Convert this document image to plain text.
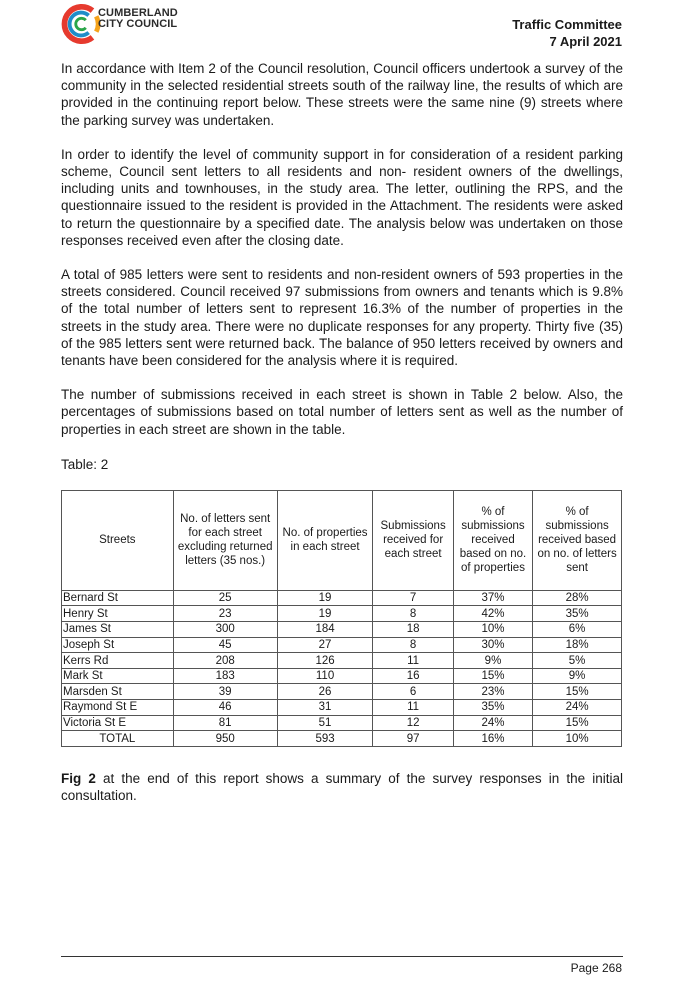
CUMBERLAND
CITY COUNCIL	Traffic Committee
7 April 2021

In accordance with Item 2 of the Council resolution, Council officers undertook a survey of the community in the selected residential streets south of the railway line, the results of which are provided in the continuing report below. These streets were the same nine (9) streets where the parking survey was undertaken.

In order to identify the level of community support in for consideration of a resident parking scheme, Council sent letters to all residents and non- resident owners of the dwellings, including units and townhouses, in the study area. The letter, outlining the RPS, and the questionnaire issued to the resident is provided in the Attachment. The residents were asked to return the questionnaire by a specified date. The analysis below was undertaken on those responses received even after the closing date.

A total of 985 letters were sent to residents and non-resident owners of 593 properties in the streets considered. Council received 97 submissions from owners and tenants which is 9.8% of the total number of letters sent to represent 16.3% of the number of properties in the streets in the study area. There were no duplicate responses for any property. Thirty five (35) of the 985 letters sent were returned back. The balance of 950 letters received by owners and tenants have been considered for the analysis where it is required.

The number of submissions received in each street is shown in Table 2 below. Also, the percentages of submissions based on total number of letters sent as well as the number of properties in each street are shown in the table.

Table: 2
Streets	No. of letters sent for each street excluding returned letters (35 nos.)	No. of properties in each street	Submissions received for each street	% of submissions received based on no. of properties	% of submissions received based on no. of letters sent
Bernard St	25	19	7	37%	28%
Henry St	23	19	8	42%	35%
James St	300	184	18	10%	6%
Joseph St	45	27	8	30%	18%
Kerrs Rd	208	126	11	9%	5%
Mark St	183	110	16	15%	9%
Marsden St	39	26	6	23%	15%
Raymond St E	46	31	11	35%	24%
Victoria St E	81	51	12	24%	15%
TOTAL	950	593	97	16%	10%

Fig 2 at the end of this report shows a summary of the survey responses in the initial consultation.

Page 268
